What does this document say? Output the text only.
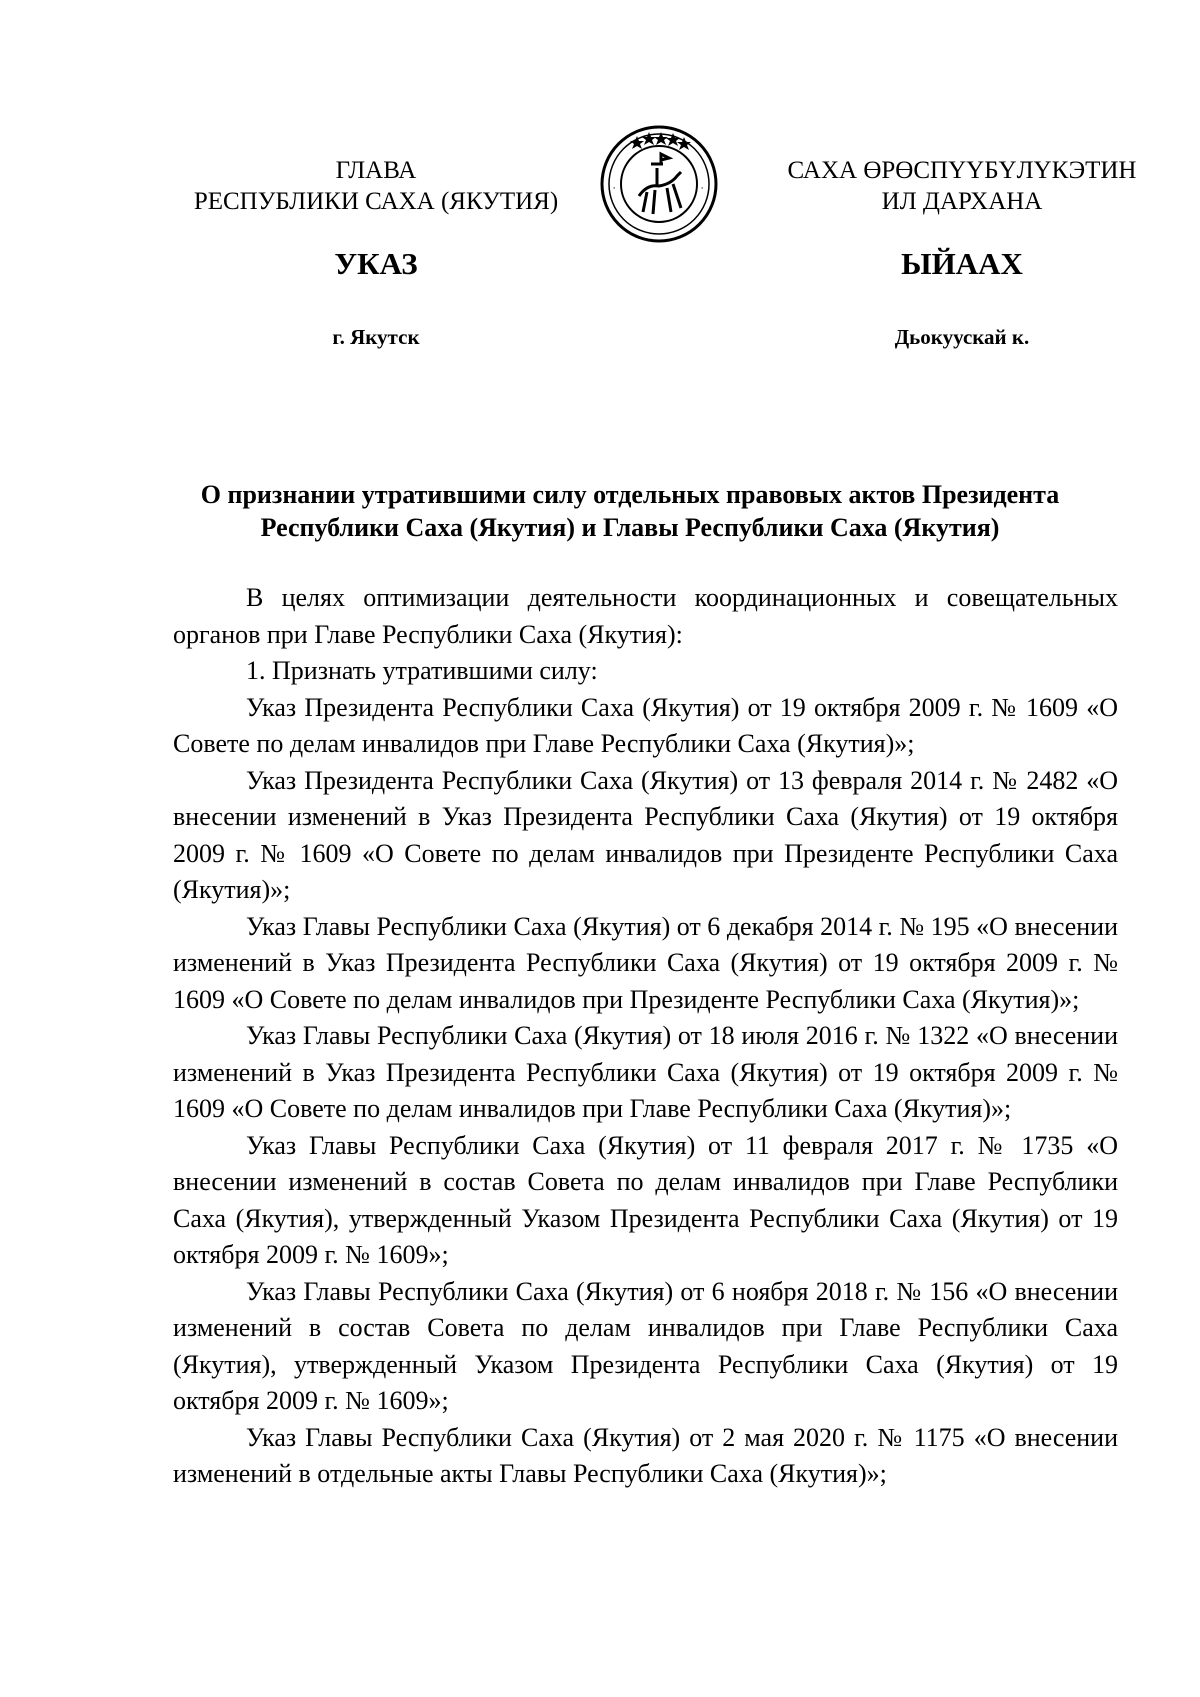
ГЛАВА
РЕСПУБЛИКИ САХА (ЯКУТИЯ)	·	·
САХА ӨРӨСПҮҮБҮЛҮКЭТИН
ИЛ ДАРХАНА
УКАЗ	ЫЙААХ
г. Якутск	Дьокуускай к.
О признании утратившими силу отдельных правовых актов Президента
Республики Саха (Якутия) и Главы Республики Саха (Якутия)

В целях оптимизации деятельности координационных и совещательных органов при Главе Республики Саха (Якутия):

1. Признать утратившими силу:

Указ Президента Республики Саха (Якутия) от 19 октября 2009 г. № 1609 «О Совете по делам инвалидов при Главе Республики Саха (Якутия)»;

Указ Президента Республики Саха (Якутия) от 13 февраля 2014 г. № 2482 «О внесении изменений в Указ Президента Республики Саха (Якутия) от 19 октября 2009 г. № 1609 «О Совете по делам инвалидов при Президенте Республики Саха (Якутия)»;

Указ Главы Республики Саха (Якутия) от 6 декабря 2014 г. № 195 «О внесении изменений в Указ Президента Республики Саха (Якутия) от 19 октября 2009 г. № 1609 «О Совете по делам инвалидов при Президенте Республики Саха (Якутия)»;

Указ Главы Республики Саха (Якутия) от 18 июля 2016 г. № 1322 «О внесении изменений в Указ Президента Республики Саха (Якутия) от 19 октября 2009 г. № 1609 «О Совете по делам инвалидов при Главе Республики Саха (Якутия)»;

Указ Главы Республики Саха (Якутия) от 11 февраля 2017 г. № 1735 «О внесении изменений в состав Совета по делам инвалидов при Главе Республики Саха (Якутия), утвержденный Указом Президента Республики Саха (Якутия) от 19 октября 2009 г. № 1609»;

Указ Главы Республики Саха (Якутия) от 6 ноября 2018 г. № 156 «О внесении изменений в состав Совета по делам инвалидов при Главе Республики Саха (Якутия), утвержденный Указом Президента Республики Саха (Якутия) от 19 октября 2009 г. № 1609»;

Указ Главы Республики Саха (Якутия) от 2 мая 2020 г. № 1175 «О внесении изменений в отдельные акты Главы Республики Саха (Якутия)»;
